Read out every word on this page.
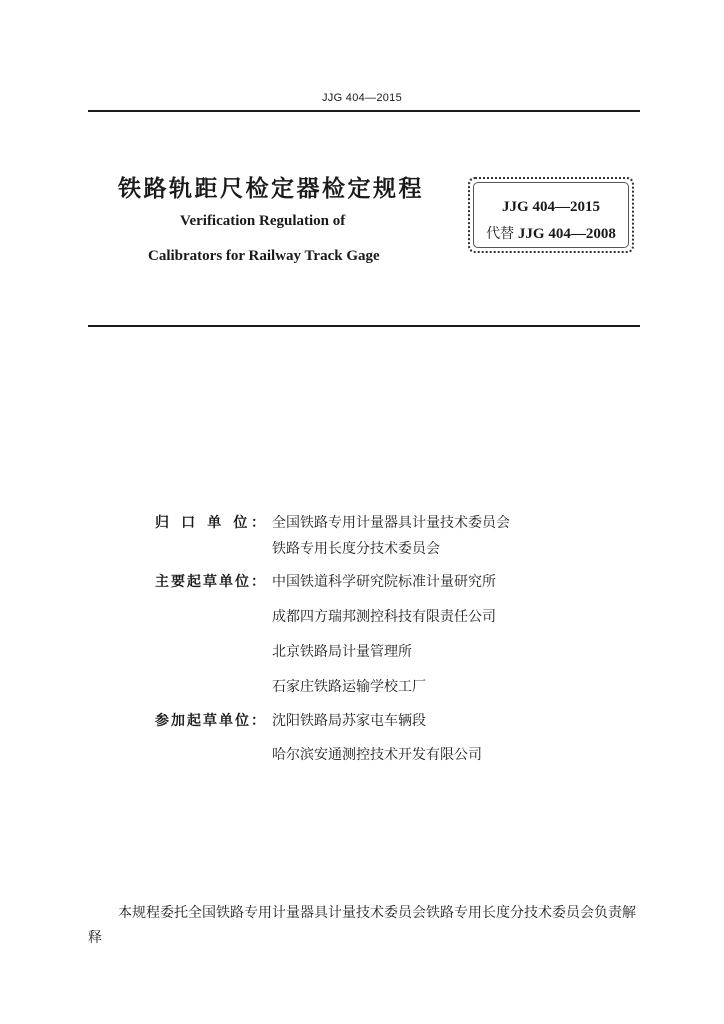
JJG 404—2015
铁路轨距尺检定器检定规程
Verification Regulation of
Calibrators for Railway Track Gage
JJG 404—2015
代替 JJG 404—2008
归 口 单 位： 全国铁路专用计量器具计量技术委员会
铁路专用长度分技术委员会
主要起草单位： 中国铁道科学研究院标准计量研究所
成都四方瑞邦测控科技有限责任公司
北京铁路局计量管理所
石家庄铁路运输学校工厂
参加起草单位： 沈阳铁路局苏家屯车辆段
哈尔滨安通测控技术开发有限公司
本规程委托全国铁路专用计量器具计量技术委员会铁路专用长度分技术委员会负责解释
